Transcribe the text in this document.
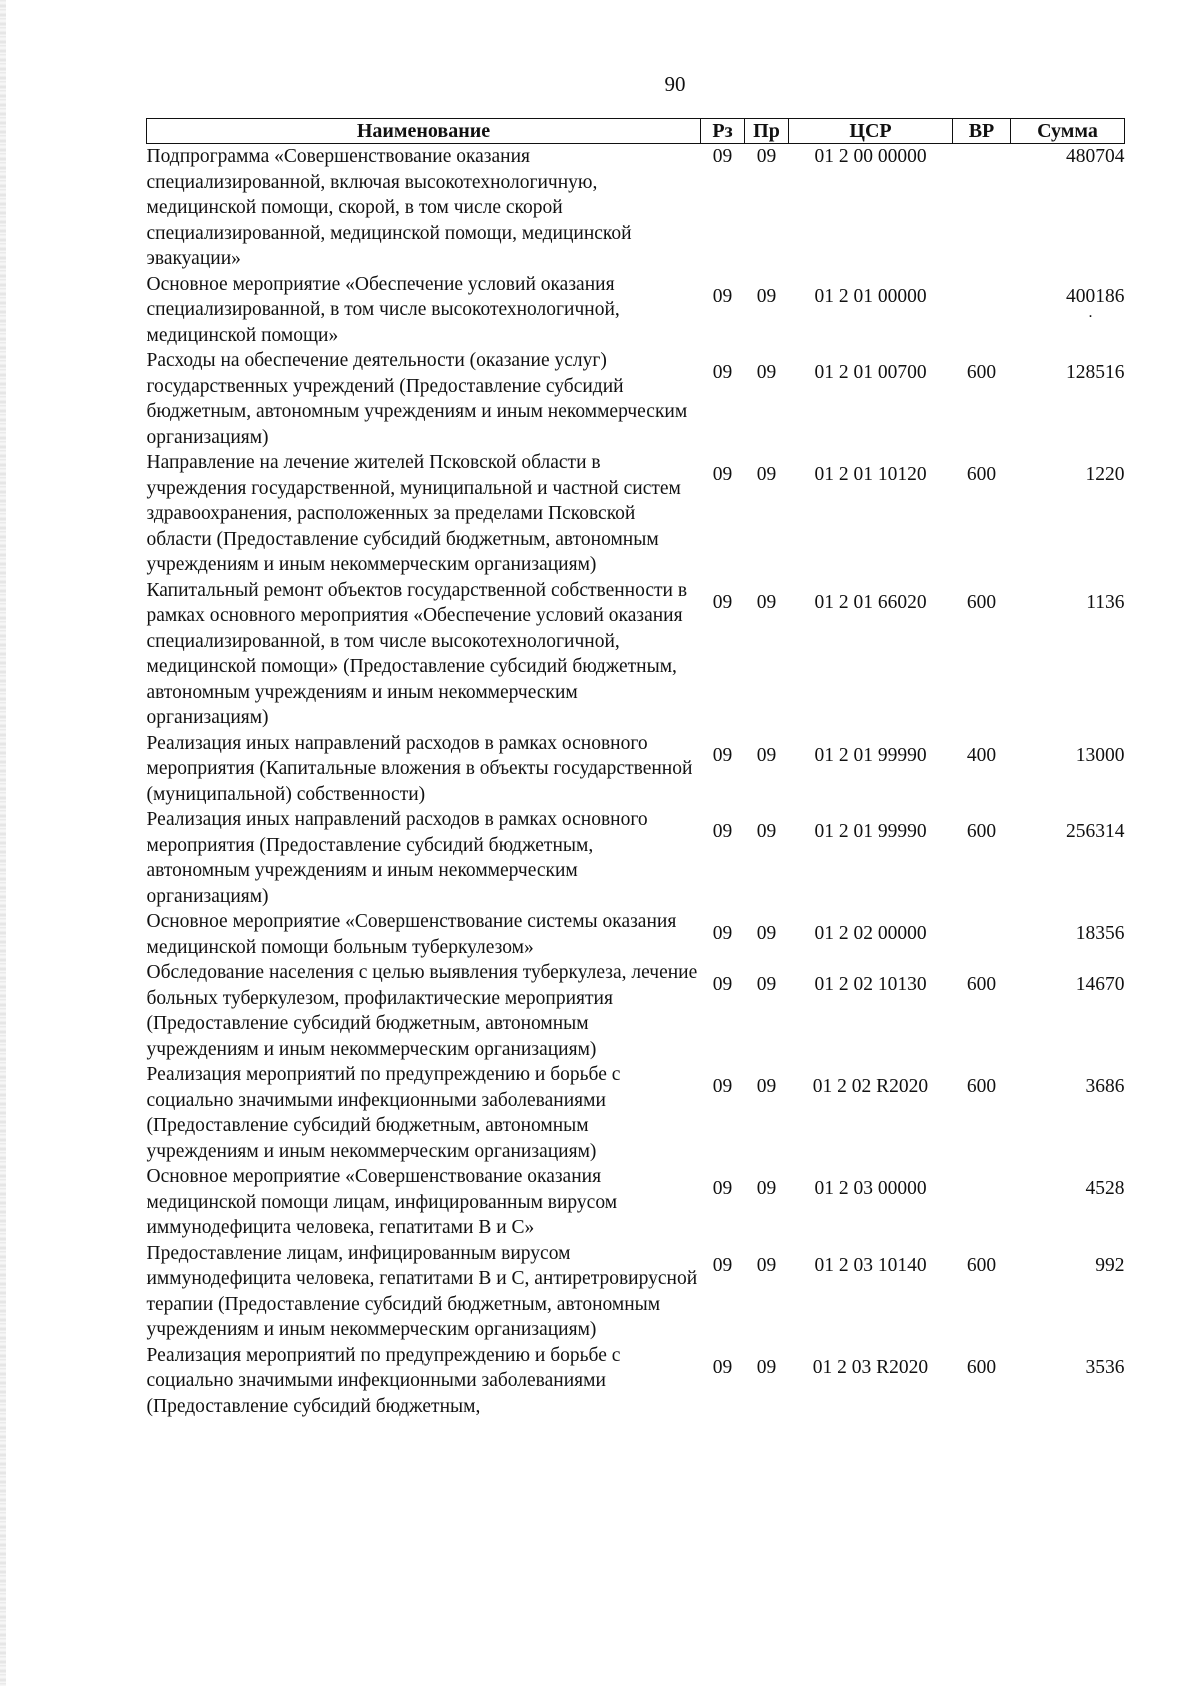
90
Наименование	Рз	Пр	ЦСР	ВР	Сумма
Подпрограмма «Совершенствование оказания специализированной, включая высокотехнологичную, медицинской помощи, скорой, в том числе скорой специализированной, медицинской помощи, медицинской эвакуации»	09	09	01 2 00 00000		480704
Основное мероприятие «Обеспечение условий оказания специализированной, в том числе высокотехнологичной, медицинской помощи»	09	09	01 2 01 00000		400186
.

Расходы на обеспечение деятельности (оказание услуг) государственных учреждений (Предоставление субсидий бюджетным, автономным учреждениям и иным некоммерческим организациям)	09	09	01 2 01 00700	600	128516
Направление на лечение жителей Псковской области в учреждения государственной, муниципальной и частной систем здравоохранения, расположенных за пределами Псковской области (Предоставление субсидий бюджетным, автономным учреждениям и иным некоммерческим организациям)	09	09	01 2 01 10120	600	1220
Капитальный ремонт объектов государственной собственности в рамках основного мероприятия «Обеспечение условий оказания специализированной, в том числе высокотехнологичной, медицинской помощи» (Предоставление субсидий бюджетным, автономным учреждениям и иным некоммерческим организациям)	09	09	01 2 01 66020	600	1136
Реализация иных направлений расходов в рамках основного мероприятия (Капитальные вложения в объекты государственной (муниципальной) собственности)	09	09	01 2 01 99990	400	13000
Реализация иных направлений расходов в рамках основного мероприятия (Предоставление субсидий бюджетным, автономным учреждениям и иным некоммерческим организациям)	09	09	01 2 01 99990	600	256314
Основное мероприятие «Совершенствование системы оказания медицинской помощи больным туберкулезом»	09	09	01 2 02 00000		18356
Обследование населения с целью выявления туберкулеза, лечение больных туберкулезом, профилактические мероприятия (Предоставление субсидий бюджетным, автономным учреждениям и иным некоммерческим организациям)	09	09	01 2 02 10130	600	14670
Реализация мероприятий по предупреждению и борьбе с социально значимыми инфекционными заболеваниями (Предоставление субсидий бюджетным, автономным учреждениям и иным некоммерческим организациям)	09	09	01 2 02 R2020	600	3686
Основное мероприятие «Совершенствование оказания медицинской помощи лицам, инфицированным вирусом иммунодефицита человека, гепатитами В и С»	09	09	01 2 03 00000		4528
Предоставление лицам, инфицированным вирусом иммунодефицита человека, гепатитами В и С, антиретровирусной терапии (Предоставление субсидий бюджетным, автономным учреждениям и иным некоммерческим организациям)	09	09	01 2 03 10140	600	992
Реализация мероприятий по предупреждению и борьбе с социально значимыми инфекционными заболеваниями (Предоставление субсидий бюджетным,	09	09	01 2 03 R2020	600	3536
